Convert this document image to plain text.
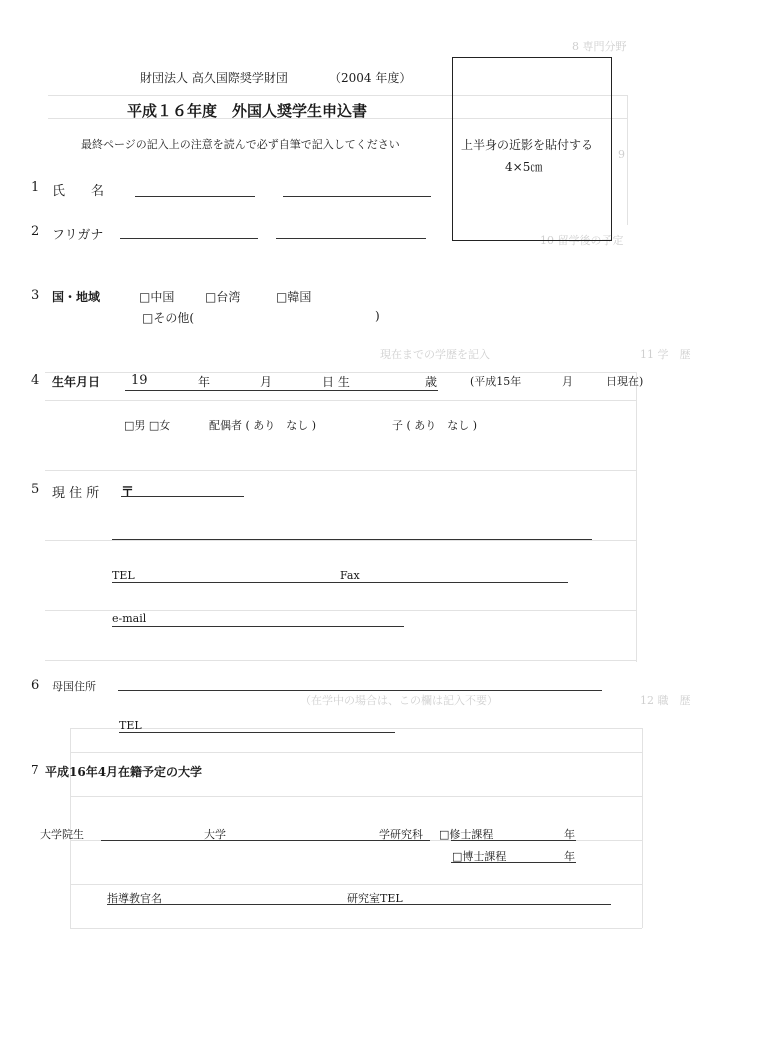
8 専門分野
9
10 留学後の予定
11 学　歴
現在までの学歴を記入
12 職　歴
（在学中の場合は、この欄は記入不要）
財団法人 高久国際奨学財団	（2004 年度）
平成１６年度　外国人奨学生申込書
最終ページの記入上の注意を読んで必ず自筆で記入してください	上半身の近影を貼付する
4×5㎝
1 氏　　名
2 フリガナ
3 国・地域	□中国	□台湾	□韓国
□その他(	)
4 生年月日 19	年	月	日 生	歳	(平成15年	月	日現在)
□男 □女	配偶者 ( あり　なし )	子 ( あり　なし )
5 現 住 所 〒
TEL	Fax
e-mail
6 母国住所
TEL
7 平成16年4月在籍予定の大学
大学院生	大学	学研究科 □修士課程	年
□博士課程	年
指導教官名	研究室TEL
